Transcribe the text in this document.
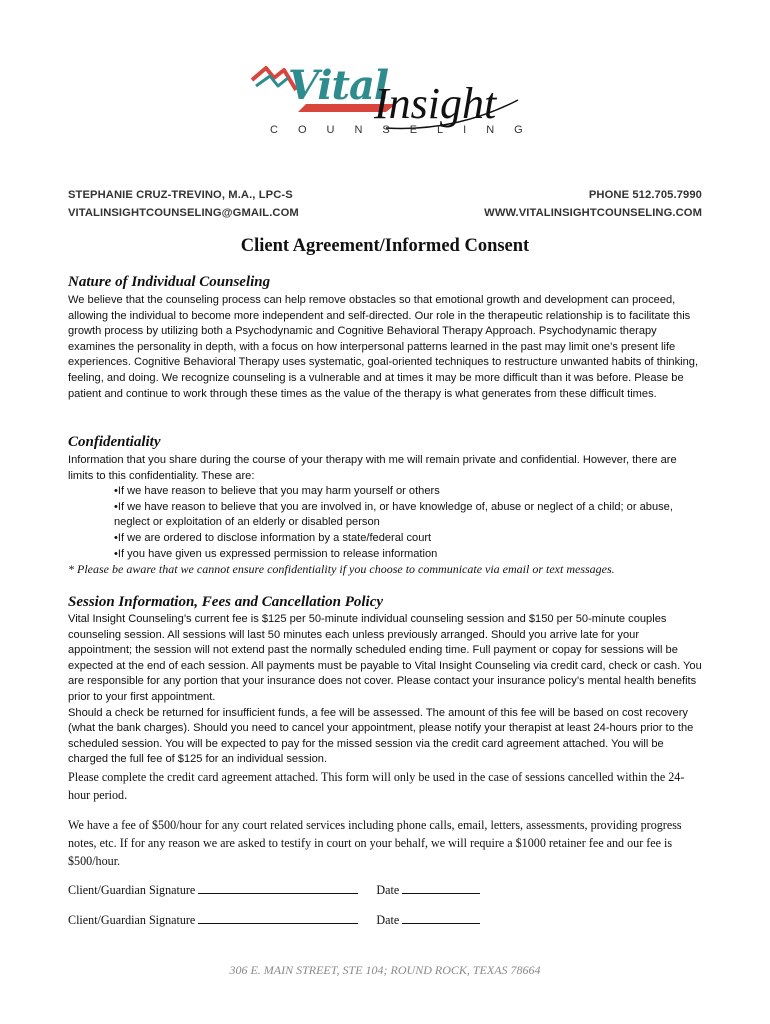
Vital
Insight
COUNSELING
STEPHANIE CRUZ-TREVINO, M.A., LPC-S
VITALINSIGHTCOUNSELING@GMAIL.COM
PHONE 512.705.7990
WWW.VITALINSIGHTCOUNSELING.COM
Client Agreement/Informed Consent
Nature of Individual Counseling

We believe that the counseling process can help remove obstacles so that emotional growth and development can proceed, allowing the individual to become more independent and self-directed. Our role in the therapeutic relationship is to facilitate this growth process by utilizing both a Psychodynamic and Cognitive Behavioral Therapy Approach. Psychodynamic therapy examines the personality in depth, with a focus on how interpersonal patterns learned in the past may limit one’s present life experiences. Cognitive Behavioral Therapy uses systematic, goal-oriented techniques to restructure unwanted habits of thinking, feeling, and doing. We recognize counseling is a vulnerable and at times it may be more difficult than it was before. Please be patient and continue to work through these times as the value of the therapy is what generates from these difficult times.

Confidentiality

Information that you share during the course of your therapy with me will remain private and confidential. However, there are limits to this confidentiality. These are:

•If we have reason to believe that you may harm yourself or others
•If we have reason to believe that you are involved in, or have knowledge of, abuse or neglect of a child; or abuse, neglect or exploitation of an elderly or disabled person
•If we are ordered to disclose information by a state/federal court
•If you have given us expressed permission to release information

* Please be aware that we cannot ensure confidentiality if you choose to communicate via email or text messages.

Session Information, Fees and Cancellation Policy

Vital Insight Counseling’s current fee is $125 per 50-minute individual counseling session and $150 per 50-minute couples counseling session. All sessions will last 50 minutes each unless previously arranged. Should you arrive late for your appointment; the session will not extend past the normally scheduled ending time. Full payment or copay for sessions will be expected at the end of each session. All payments must be payable to Vital Insight Counseling via credit card, check or cash. You are responsible for any portion that your insurance does not cover. Please contact your insurance policy’s mental health benefits prior to your first appointment.

Should a check be returned for insufficient funds, a fee will be assessed. The amount of this fee will be based on cost recovery (what the bank charges). Should you need to cancel your appointment, please notify your therapist at least 24-hours prior to the scheduled session. You will be expected to pay for the missed session via the credit card agreement attached. You will be charged the full fee of $125 for an individual session.

Please complete the credit card agreement attached. This form will only be used in the case of sessions cancelled within the 24-hour period.

We have a fee of $500/hour for any court related services including phone calls, email, letters, assessments, providing progress notes, etc. If for any reason we are asked to testify in court on your behalf, we will require a $1000 retainer fee and our fee is $500/hour.

Client/Guardian Signature	Date
Client/Guardian Signature	Date
306 E. MAIN STREET, STE 104; ROUND ROCK, TEXAS 78664
